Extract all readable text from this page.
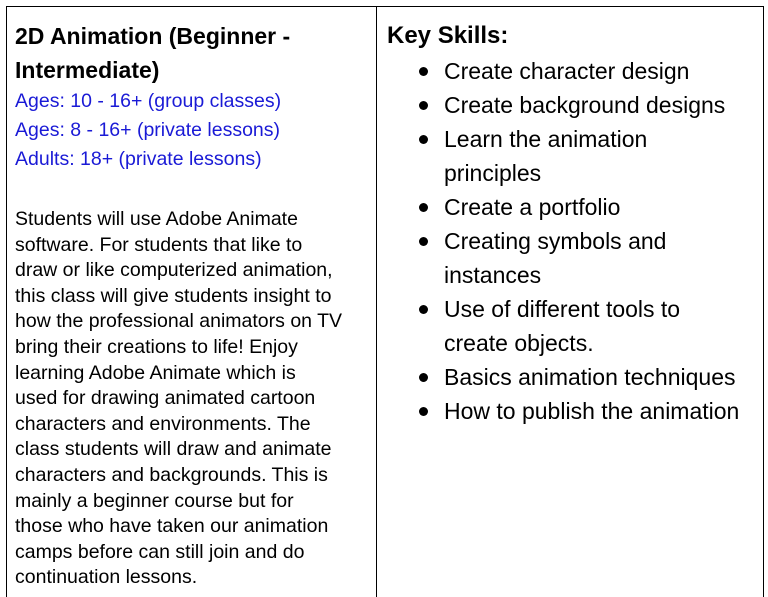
2D Animation (Beginner -
Intermediate)
Ages: 10 - 16+ (group classes)
Ages: 8 - 16+ (private lessons)
Adults: 18+ (private lessons)
Students will use Adobe Animate
software. For students that like to
draw or like computerized animation,
this class will give students insight to
how the professional animators on TV
bring their creations to life! Enjoy
learning Adobe Animate which is
used for drawing animated cartoon
characters and environments. The
class students will draw and animate
characters and backgrounds. This is
mainly a beginner course but for
those who have taken our animation
camps before can still join and do
continuation lessons.
Key Skills:
Create character design
Create background designs
Learn the animation
principles
Create a portfolio
Creating symbols and
instances
Use of different tools to
create objects.
Basics animation techniques
How to publish the animation
